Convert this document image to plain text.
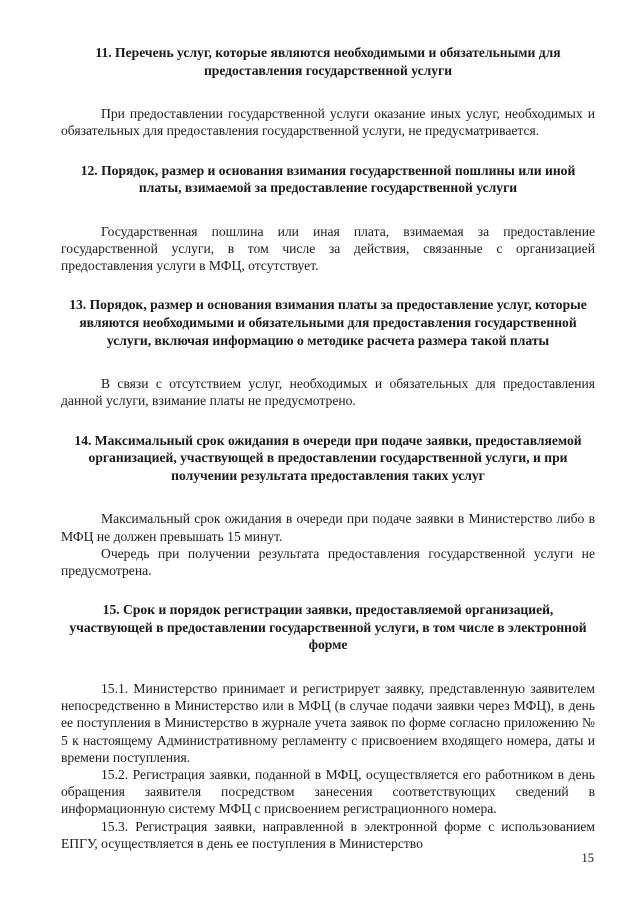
11. Перечень услуг, которые являются необходимыми и обязательными для предоставления государственной услуги

При предоставлении государственной услуги оказание иных услуг, необходимых и обязательных для предоставления государственной услуги, не предусматривается.

12. Порядок, размер и основания взимания государственной пошлины или иной платы, взимаемой за предоставление государственной услуги

Государственная пошлина или иная плата, взимаемая за предоставление государственной услуги, в том числе за действия, связанные с организацией предоставления услуги в МФЦ, отсутствует.

13. Порядок, размер и основания взимания платы за предоставление услуг, которые являются необходимыми и обязательными для предоставления государственной услуги, включая информацию о методике расчета размера такой платы

В связи с отсутствием услуг, необходимых и обязательных для предоставления данной услуги, взимание платы не предусмотрено.

14. Максимальный срок ожидания в очереди при подаче заявки, предоставляемой организацией, участвующей в предоставлении государственной услуги, и при получении результата предоставления таких услуг

Максимальный срок ожидания в очереди при подаче заявки в Министерство либо в МФЦ не должен превышать 15 минут.

Очередь при получении результата предоставления государственной услуги не предусмотрена.

15. Срок и порядок регистрации заявки, предоставляемой организацией, участвующей в предоставлении государственной услуги, в том числе в электронной форме

15.1. Министерство принимает и регистрирует заявку, представленную заявителем непосредственно в Министерство или в МФЦ (в случае подачи заявки через МФЦ), в день ее поступления в Министерство в журнале учета заявок по форме согласно приложению № 5 к настоящему Административному регламенту с присвоением входящего номера, даты и времени поступления.

15.2. Регистрация заявки, поданной в МФЦ, осуществляется его работником в день обращения заявителя посредством занесения соответствующих сведений в информационную систему МФЦ с присвоением регистрационного номера.

15.3. Регистрация заявки, направленной в электронной форме с использованием ЕПГУ, осуществляется в день ее поступления в Министерство

15
